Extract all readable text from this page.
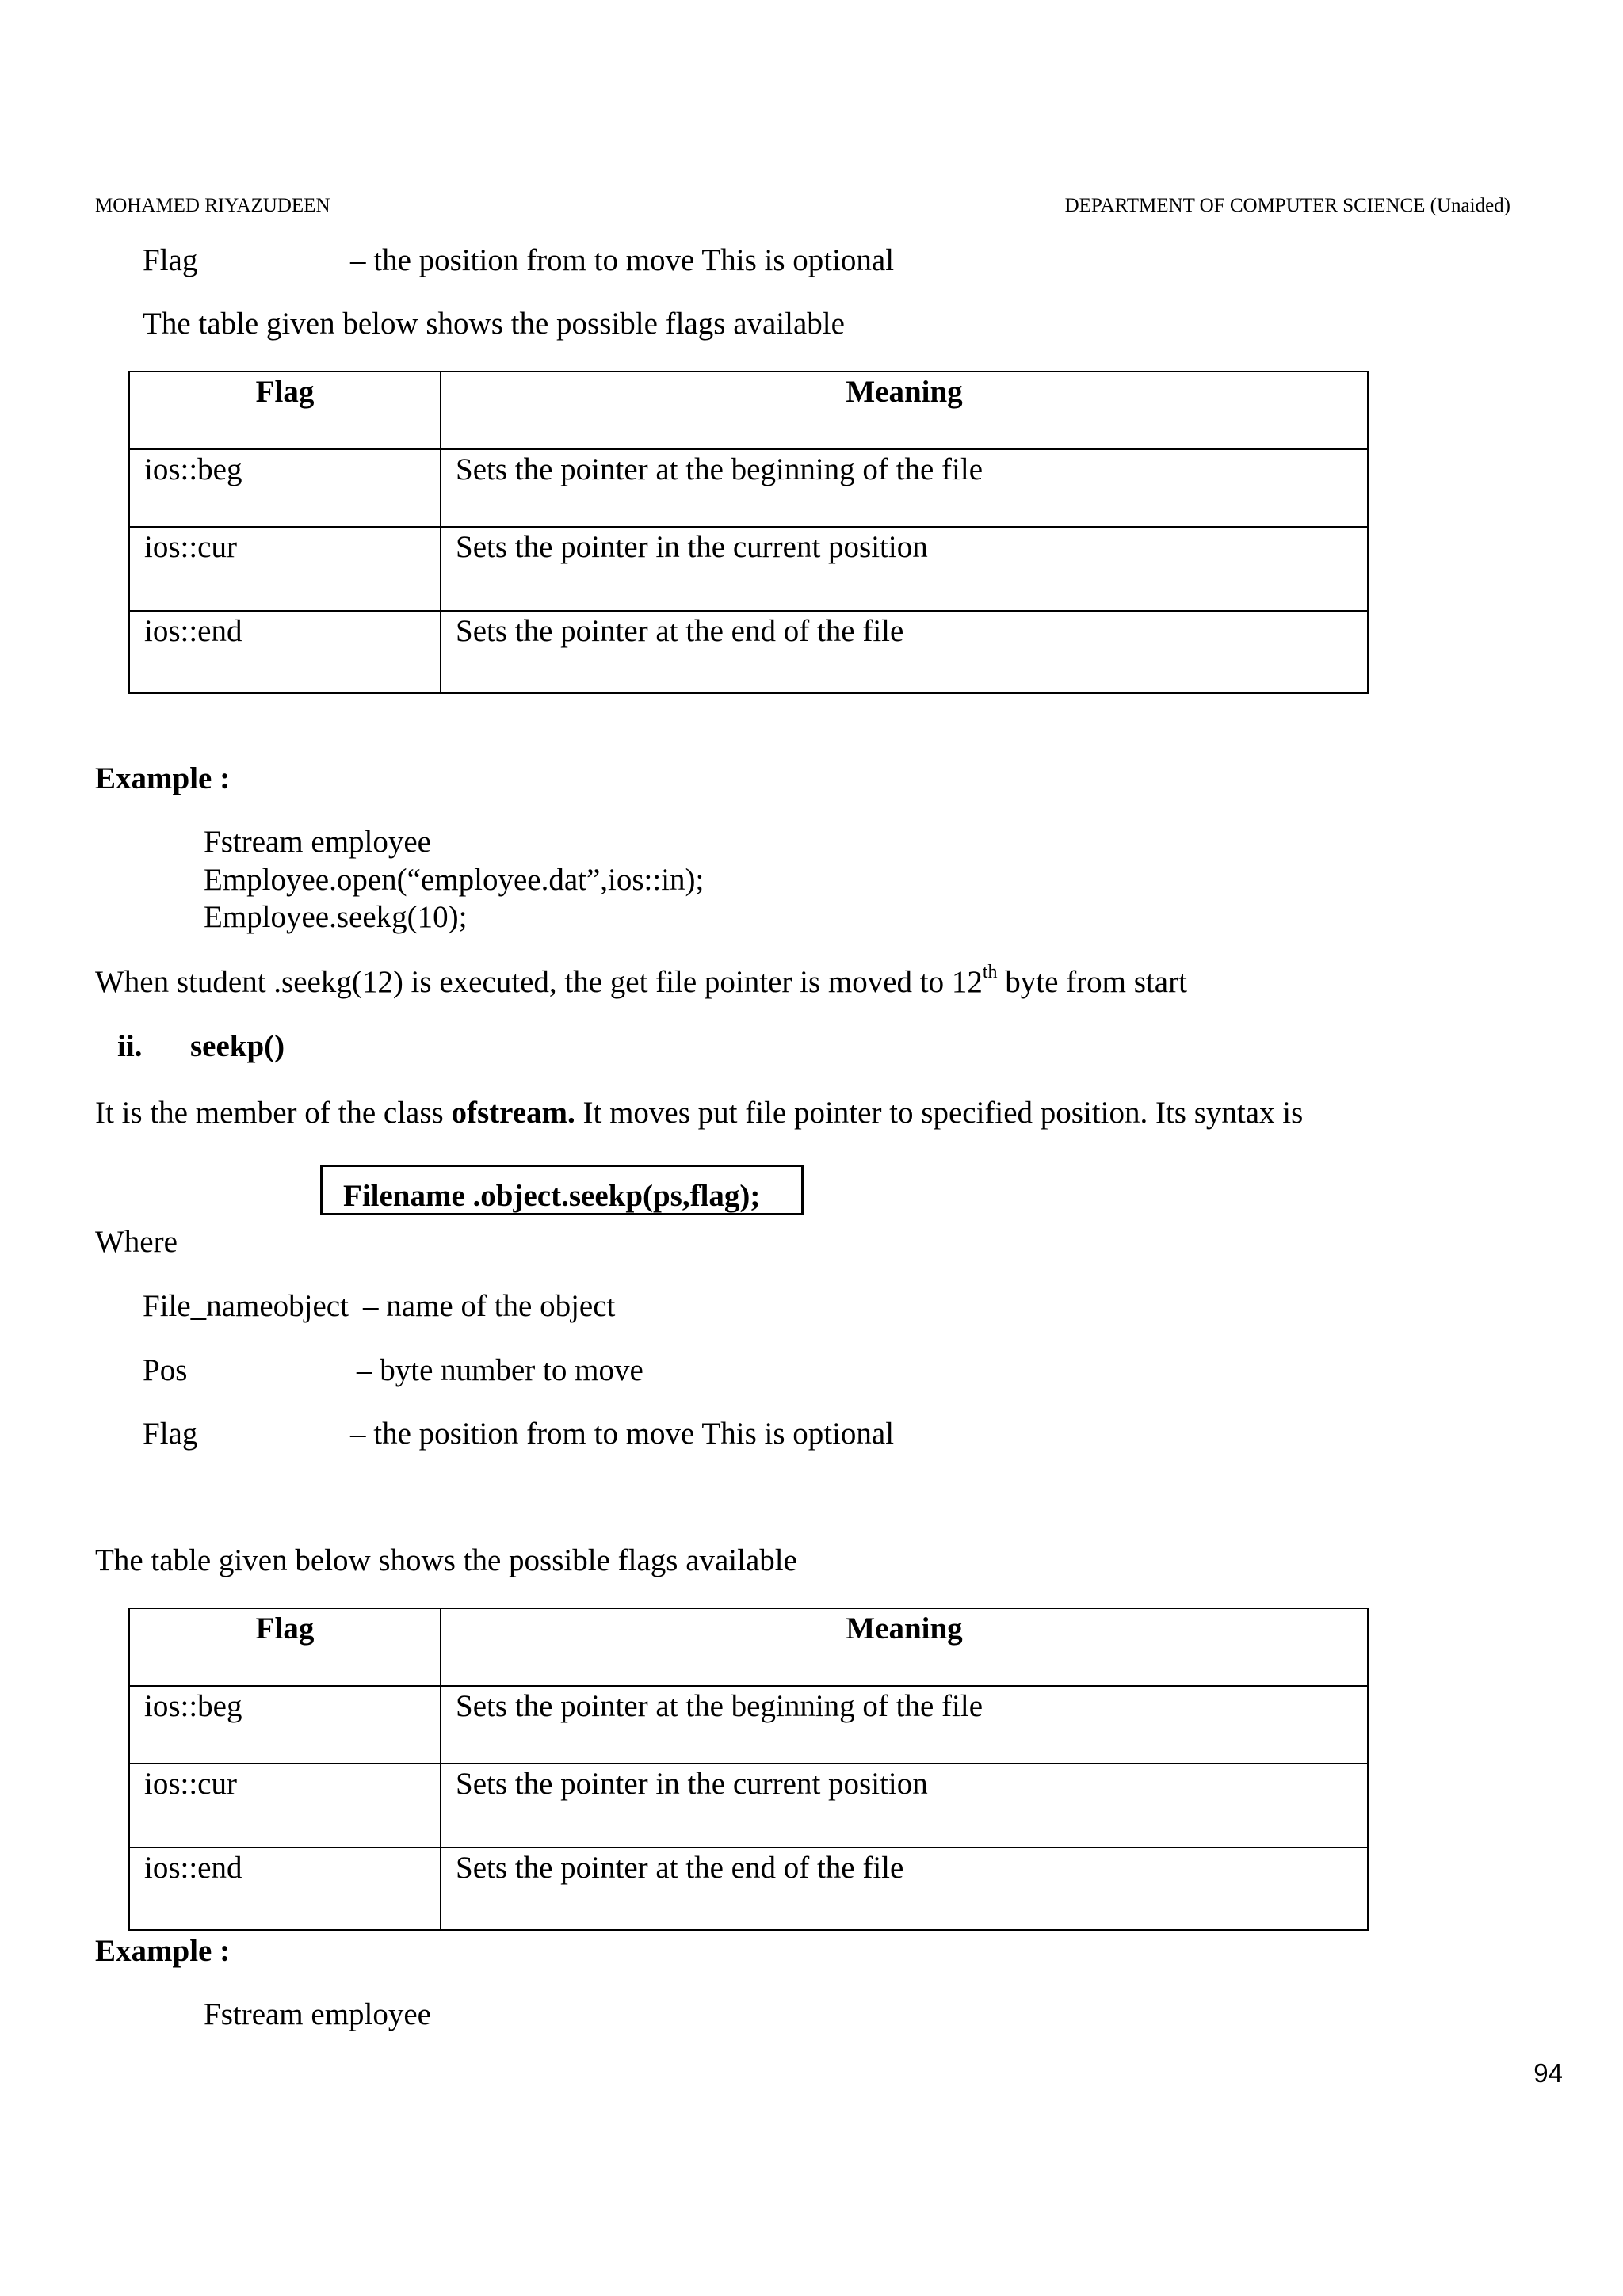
MOHAMED RIYAZUDEEN	DEPARTMENT OF COMPUTER SCIENCE (Unaided)
Flag	– the position from to move This is optional
The table given below shows the possible flags available
Flag	Meaning
ios::beg	Sets the pointer at the beginning of the file
ios::cur	Sets the pointer in the current position
ios::end	Sets the pointer at the end of the file
Example :
Fstream employee
Employee.open(“employee.dat”,ios::in);
Employee.seekg(10);
When student .seekg(12) is executed, the get file pointer is moved to 12th byte from start
ii. seekp()
It is the member of the class ofstream. It moves put file pointer to specified position. Its syntax is
Filename .object.seekp(ps,flag);
Where
File_nameobject – name of the object
Pos	– byte number to move
Flag	– the position from to move This is optional
The table given below shows the possible flags available
Flag	Meaning
ios::beg	Sets the pointer at the beginning of the file
ios::cur	Sets the pointer in the current position
ios::end	Sets the pointer at the end of the file
Example :
Fstream employee
94
